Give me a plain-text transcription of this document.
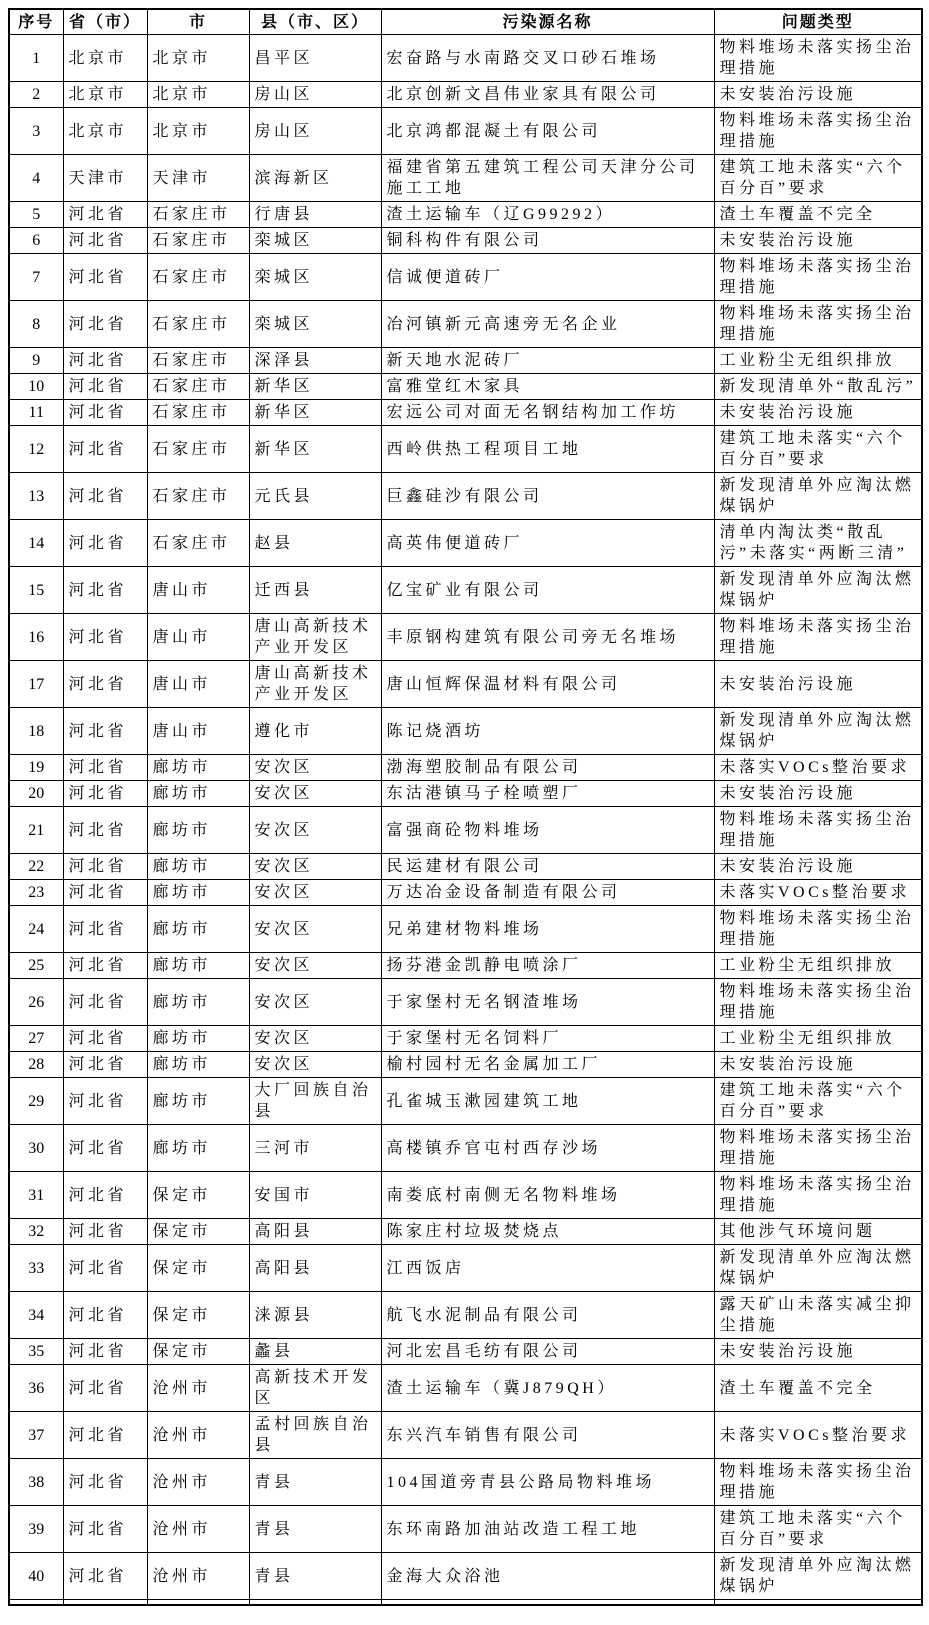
序号	省（市）	市	县（市、区）	污染源名称	问题类型
1	北京市	北京市	昌平区	宏奋路与水南路交叉口砂石堆场	物料堆场未落实扬尘治理措施
2	北京市	北京市	房山区	北京创新文昌伟业家具有限公司	未安装治污设施
3	北京市	北京市	房山区	北京鸿都混凝土有限公司	物料堆场未落实扬尘治理措施
4	天津市	天津市	滨海新区	福建省第五建筑工程公司天津分公司施工工地	建筑工地未落实“六个百分百”要求
5	河北省	石家庄市	行唐县	渣土运输车（辽G99292）	渣土车覆盖不完全
6	河北省	石家庄市	栾城区	铜科构件有限公司	未安装治污设施
7	河北省	石家庄市	栾城区	信诚便道砖厂	物料堆场未落实扬尘治理措施
8	河北省	石家庄市	栾城区	冶河镇新元高速旁无名企业	物料堆场未落实扬尘治理措施
9	河北省	石家庄市	深泽县	新天地水泥砖厂	工业粉尘无组织排放
10	河北省	石家庄市	新华区	富雅堂红木家具	新发现清单外“散乱污”
11	河北省	石家庄市	新华区	宏远公司对面无名钢结构加工作坊	未安装治污设施
12	河北省	石家庄市	新华区	西岭供热工程项目工地	建筑工地未落实“六个百分百”要求
13	河北省	石家庄市	元氏县	巨鑫硅沙有限公司	新发现清单外应淘汰燃煤锅炉
14	河北省	石家庄市	赵县	高英伟便道砖厂	清单内淘汰类“散乱污”未落实“两断三清”
15	河北省	唐山市	迁西县	亿宝矿业有限公司	新发现清单外应淘汰燃煤锅炉
16	河北省	唐山市	唐山高新技术产业开发区	丰原钢构建筑有限公司旁无名堆场	物料堆场未落实扬尘治理措施
17	河北省	唐山市	唐山高新技术产业开发区	唐山恒辉保温材料有限公司	未安装治污设施
18	河北省	唐山市	遵化市	陈记烧酒坊	新发现清单外应淘汰燃煤锅炉
19	河北省	廊坊市	安次区	渤海塑胶制品有限公司	未落实VOCs整治要求
20	河北省	廊坊市	安次区	东沽港镇马子栓喷塑厂	未安装治污设施
21	河北省	廊坊市	安次区	富强商砼物料堆场	物料堆场未落实扬尘治理措施
22	河北省	廊坊市	安次区	民运建材有限公司	未安装治污设施
23	河北省	廊坊市	安次区	万达冶金设备制造有限公司	未落实VOCs整治要求
24	河北省	廊坊市	安次区	兄弟建材物料堆场	物料堆场未落实扬尘治理措施
25	河北省	廊坊市	安次区	扬芬港金凯静电喷涂厂	工业粉尘无组织排放
26	河北省	廊坊市	安次区	于家堡村无名钢渣堆场	物料堆场未落实扬尘治理措施
27	河北省	廊坊市	安次区	于家堡村无名饲料厂	工业粉尘无组织排放
28	河北省	廊坊市	安次区	榆村园村无名金属加工厂	未安装治污设施
29	河北省	廊坊市	大厂回族自治县	孔雀城玉漱园建筑工地	建筑工地未落实“六个百分百”要求
30	河北省	廊坊市	三河市	高楼镇乔官屯村西存沙场	物料堆场未落实扬尘治理措施
31	河北省	保定市	安国市	南娄底村南侧无名物料堆场	物料堆场未落实扬尘治理措施
32	河北省	保定市	高阳县	陈家庄村垃圾焚烧点	其他涉气环境问题
33	河北省	保定市	高阳县	江西饭店	新发现清单外应淘汰燃煤锅炉
34	河北省	保定市	涞源县	航飞水泥制品有限公司	露天矿山未落实减尘抑尘措施
35	河北省	保定市	蠡县	河北宏昌毛纺有限公司	未安装治污设施
36	河北省	沧州市	高新技术开发区	渣土运输车（冀J879QH）	渣土车覆盖不完全
37	河北省	沧州市	孟村回族自治县	东兴汽车销售有限公司	未落实VOCs整治要求
38	河北省	沧州市	青县	104国道旁青县公路局物料堆场	物料堆场未落实扬尘治理措施
39	河北省	沧州市	青县	东环南路加油站改造工程工地	建筑工地未落实“六个百分百”要求
40	河北省	沧州市	青县	金海大众浴池	新发现清单外应淘汰燃煤锅炉
